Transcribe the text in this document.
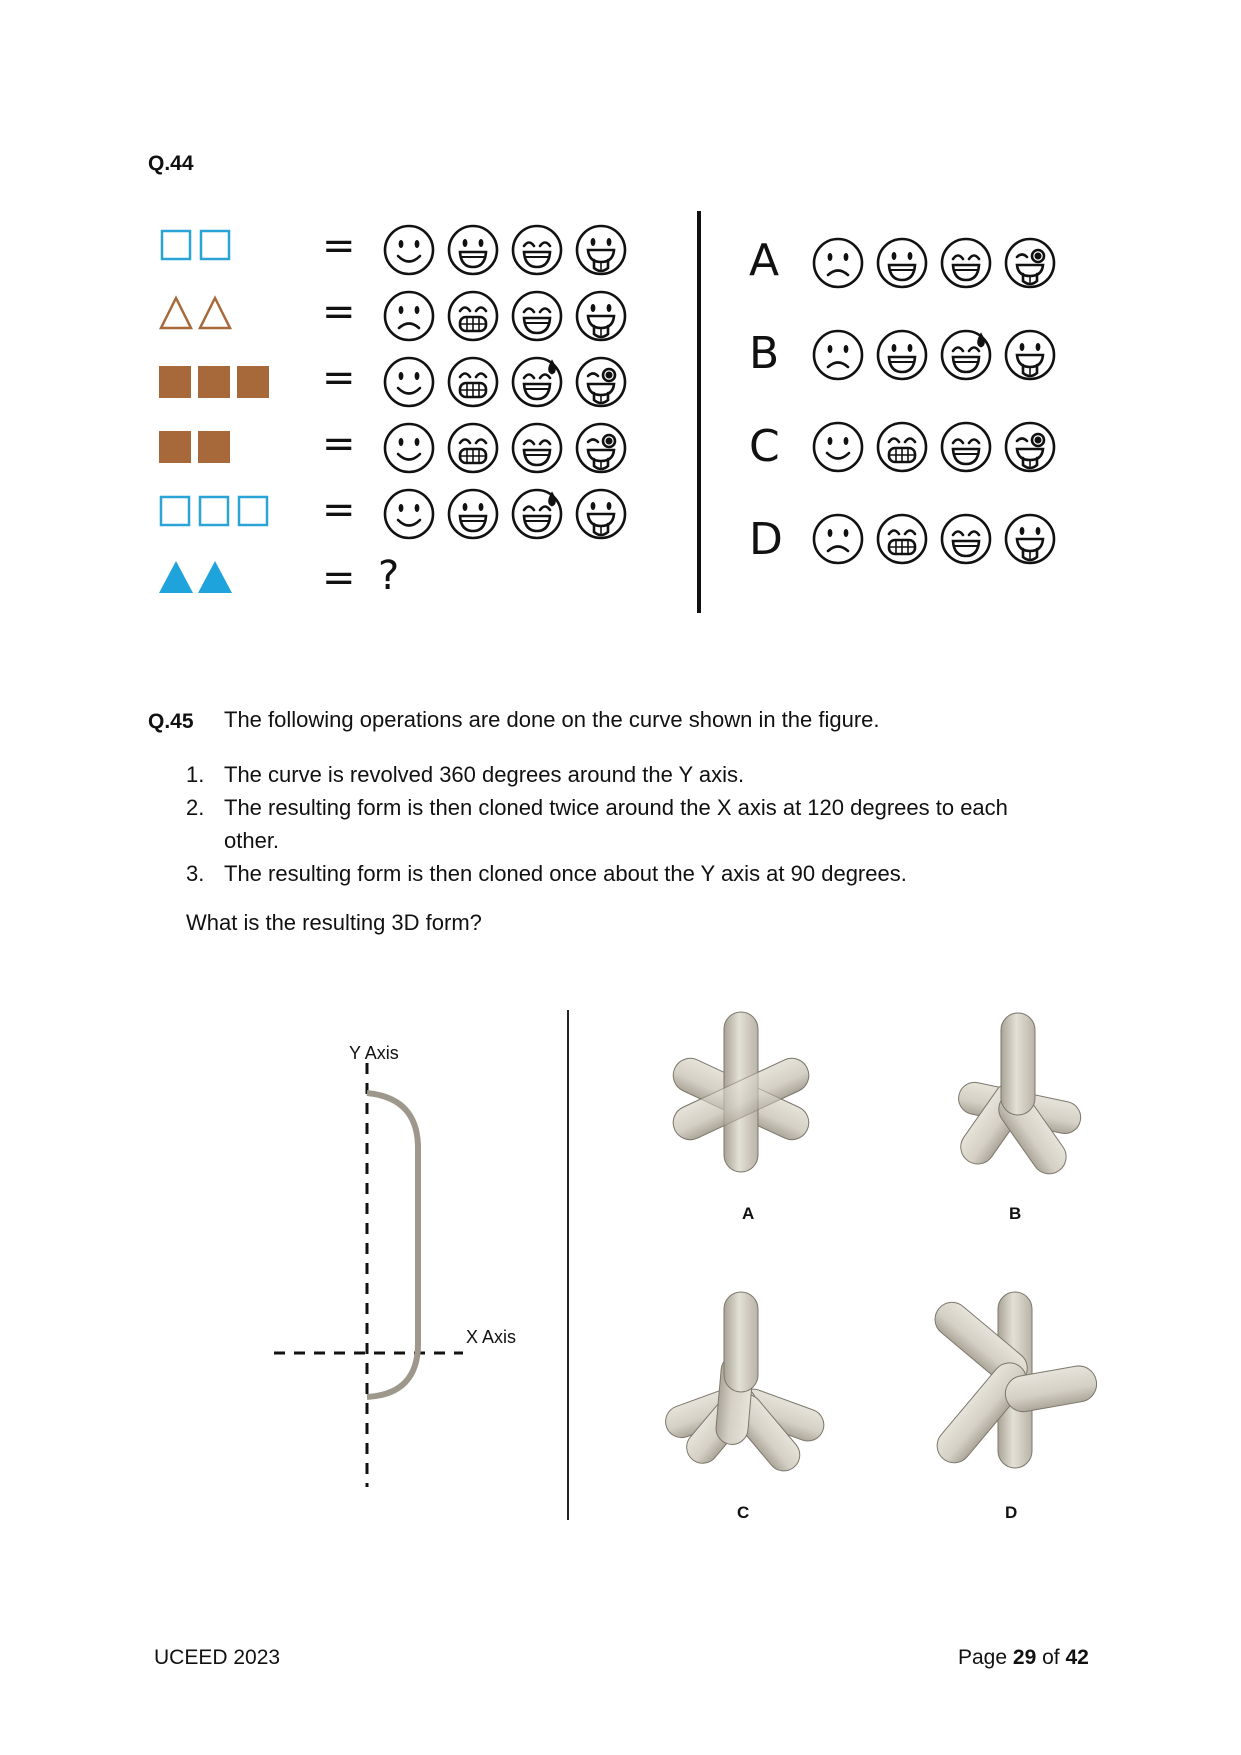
Q.44
=
=
=
=
=
= ?
A
B
C
D
Q.45 The following operations are done on the curve shown in the figure.
1. The curve is revolved 360 degrees around the Y axis.
2. The resulting form is then cloned twice around the X axis at 120 degrees to each
other.
3. The resulting form is then cloned once about the Y axis at 90 degrees.
What is the resulting 3D form?
Y Axis
X Axis
A	B
C	D
UCEED 2023	Page 29 of 42
